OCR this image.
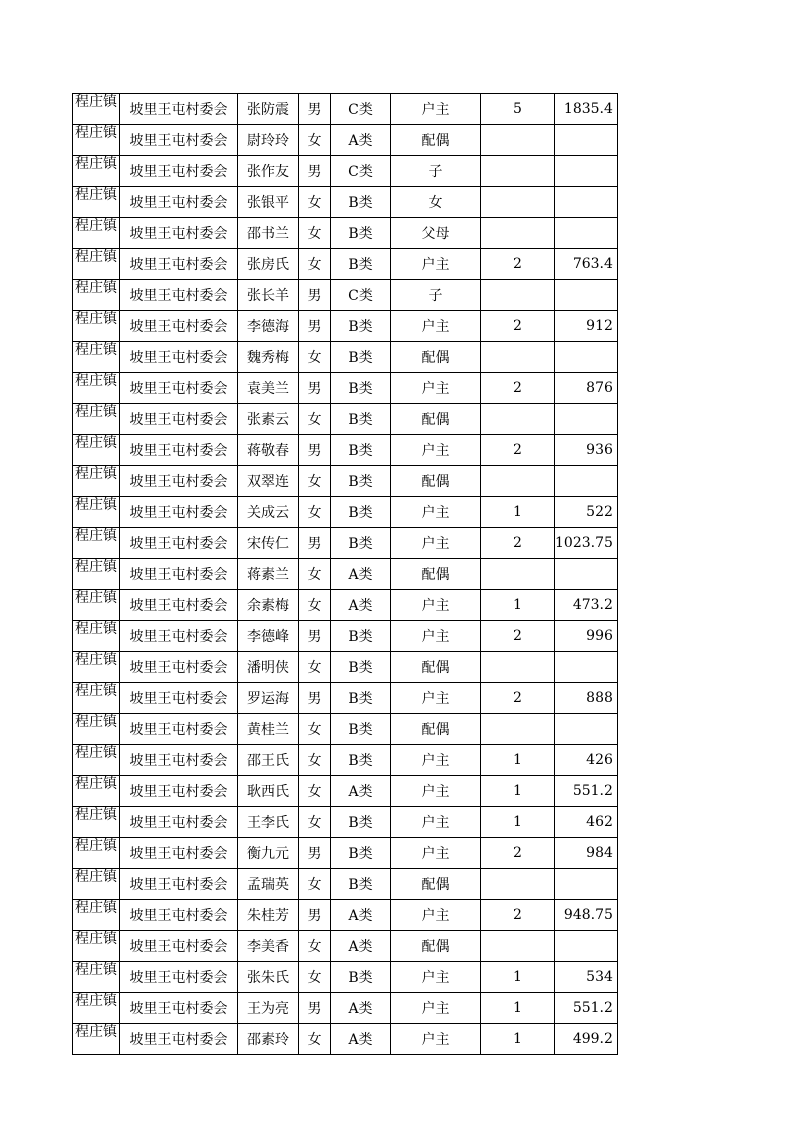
程庄镇	坡里王屯村委会	张防震	男	C类	户主	5	1835.4
程庄镇	坡里王屯村委会	尉玲玲	女	A类	配偶		
程庄镇	坡里王屯村委会	张作友	男	C类	子		
程庄镇	坡里王屯村委会	张银平	女	B类	女		
程庄镇	坡里王屯村委会	邵书兰	女	B类	父母		
程庄镇	坡里王屯村委会	张房氏	女	B类	户主	2	763.4
程庄镇	坡里王屯村委会	张长羊	男	C类	子		
程庄镇	坡里王屯村委会	李德海	男	B类	户主	2	912
程庄镇	坡里王屯村委会	魏秀梅	女	B类	配偶		
程庄镇	坡里王屯村委会	袁美兰	男	B类	户主	2	876
程庄镇	坡里王屯村委会	张素云	女	B类	配偶		
程庄镇	坡里王屯村委会	蒋敬春	男	B类	户主	2	936
程庄镇	坡里王屯村委会	双翠连	女	B类	配偶		
程庄镇	坡里王屯村委会	关成云	女	B类	户主	1	522
程庄镇	坡里王屯村委会	宋传仁	男	B类	户主	2	1023.75
程庄镇	坡里王屯村委会	蒋素兰	女	A类	配偶		
程庄镇	坡里王屯村委会	余素梅	女	A类	户主	1	473.2
程庄镇	坡里王屯村委会	李德峰	男	B类	户主	2	996
程庄镇	坡里王屯村委会	潘明侠	女	B类	配偶		
程庄镇	坡里王屯村委会	罗运海	男	B类	户主	2	888
程庄镇	坡里王屯村委会	黄桂兰	女	B类	配偶		
程庄镇	坡里王屯村委会	邵王氏	女	B类	户主	1	426
程庄镇	坡里王屯村委会	耿西氏	女	A类	户主	1	551.2
程庄镇	坡里王屯村委会	王李氏	女	B类	户主	1	462
程庄镇	坡里王屯村委会	衡九元	男	B类	户主	2	984
程庄镇	坡里王屯村委会	孟瑞英	女	B类	配偶		
程庄镇	坡里王屯村委会	朱桂芳	男	A类	户主	2	948.75
程庄镇	坡里王屯村委会	李美香	女	A类	配偶		
程庄镇	坡里王屯村委会	张朱氏	女	B类	户主	1	534
程庄镇	坡里王屯村委会	王为亮	男	A类	户主	1	551.2
程庄镇	坡里王屯村委会	邵素玲	女	A类	户主	1	499.2
